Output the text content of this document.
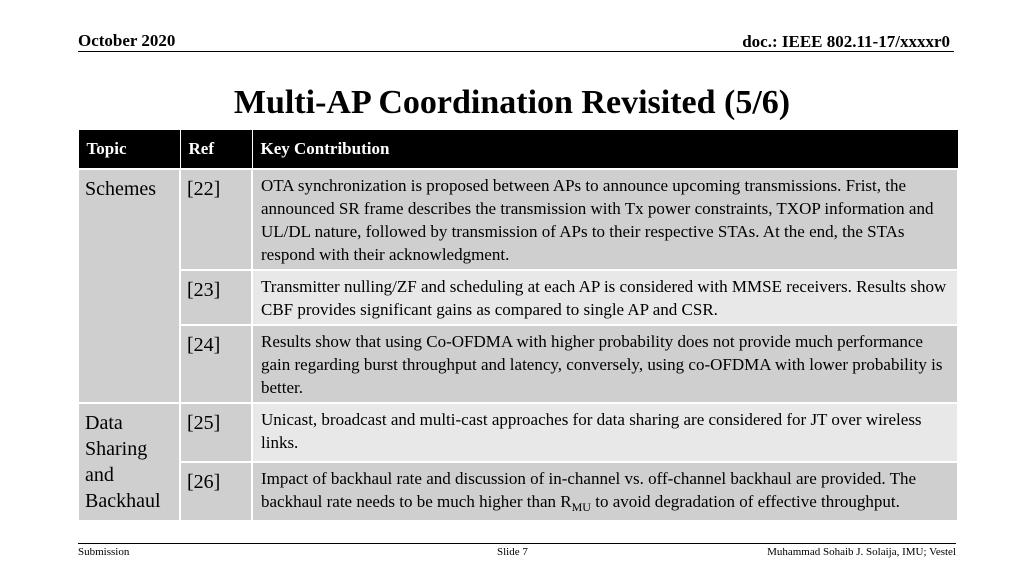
October 2020	doc.: IEEE 802.11-17/xxxxr0
Multi-AP Coordination Revisited (5/6)
Topic	Ref	Key Contribution
Schemes	[22]	OTA synchronization is proposed between APs to announce upcoming transmissions. Frist, the announced SR frame describes the transmission with Tx power constraints, TXOP information and UL/DL nature, followed by transmission of APs to their respective STAs. At the end, the STAs respond with their acknowledgment.
	[23]	Transmitter nulling/ZF and scheduling at each AP is considered with MMSE receivers. Results show CBF provides significant gains as compared to single AP and CSR.
	[24]	Results show that using Co-OFDMA with higher probability does not provide much performance gain regarding burst throughput and latency, conversely, using co-OFDMA with lower probability is better.

Data
Sharing
and
Backhaul	[25]	Unicast, broadcast and multi-cast approaches for data sharing are considered for JT over wireless links.
	[26]	Impact of backhaul rate and discussion of in-channel vs. off-channel backhaul are provided. The backhaul rate needs to be much higher than $R_{MU}$ to avoid degradation of effective throughput.
Submission	Slide 7	Muhammad Sohaib J. Solaija, IMU; Vestel
